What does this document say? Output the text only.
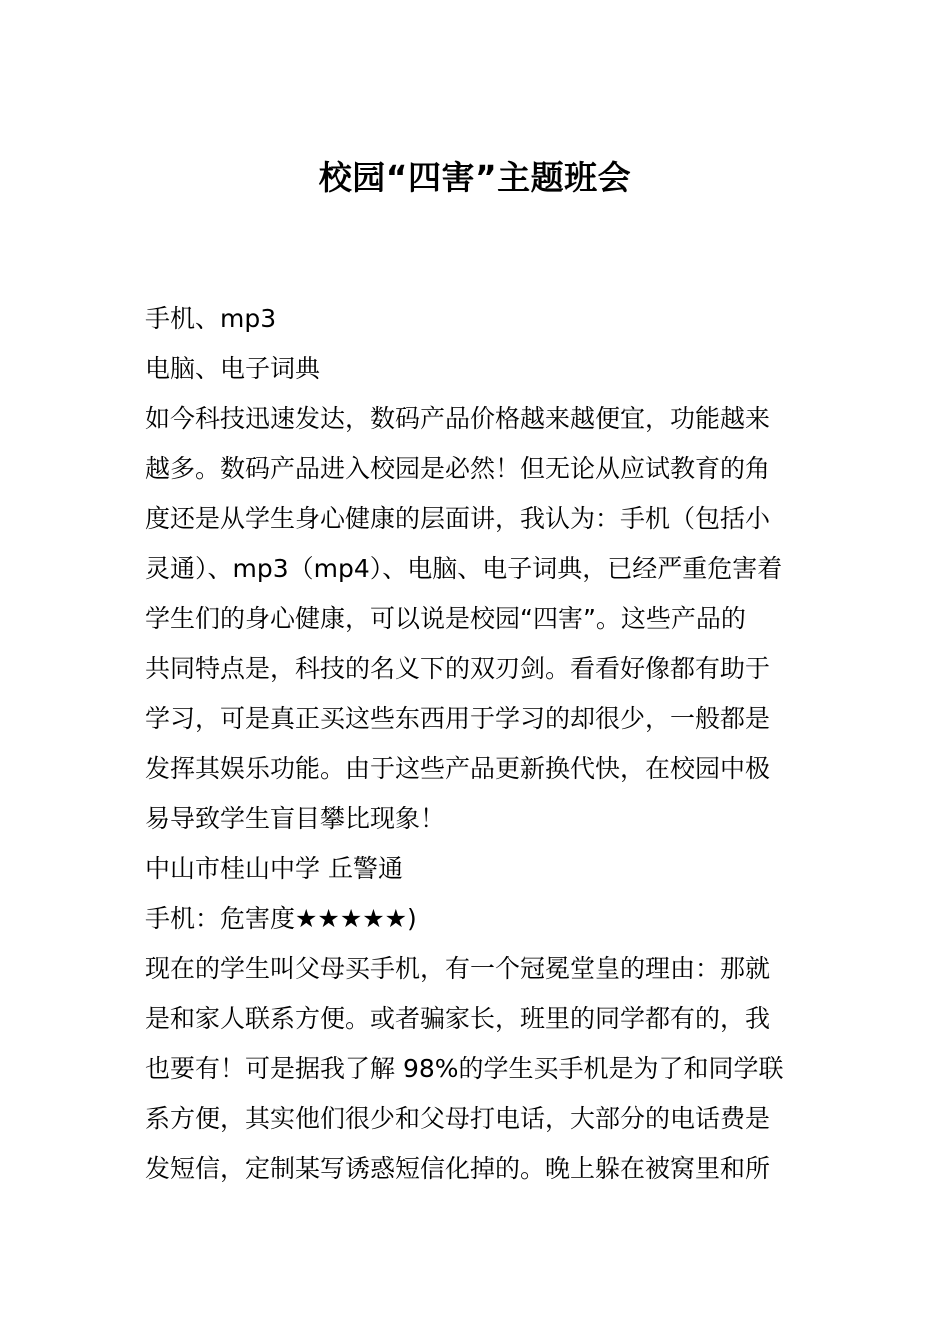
校园“四害”主题班会
手机、mp3
电脑、电子词典
如今科技迅速发达，数码产品价格越来越便宜，功能越来
越多。数码产品进入校园是必然！但无论从应试教育的角
度还是从学生身心健康的层面讲，我认为：手机（包括小
灵通）、mp3（mp4）、电脑、电子词典，已经严重危害着
学生们的身心健康，可以说是校园“四害”。这些产品的
共同特点是，科技的名义下的双刃剑。看看好像都有助于
学习，可是真正买这些东西用于学习的却很少，一般都是
发挥其娱乐功能。由于这些产品更新换代快，在校园中极
易导致学生盲目攀比现象！
中山市桂山中学 丘警通
手机：危害度★★★★★)
现在的学生叫父母买手机，有一个冠冕堂皇的理由：那就
是和家人联系方便。或者骗家长，班里的同学都有的，我
也要有！可是据我了解 98%的学生买手机是为了和同学联
系方便，其实他们很少和父母打电话，大部分的电话费是
发短信，定制某写诱惑短信化掉的。晚上躲在被窝里和所
